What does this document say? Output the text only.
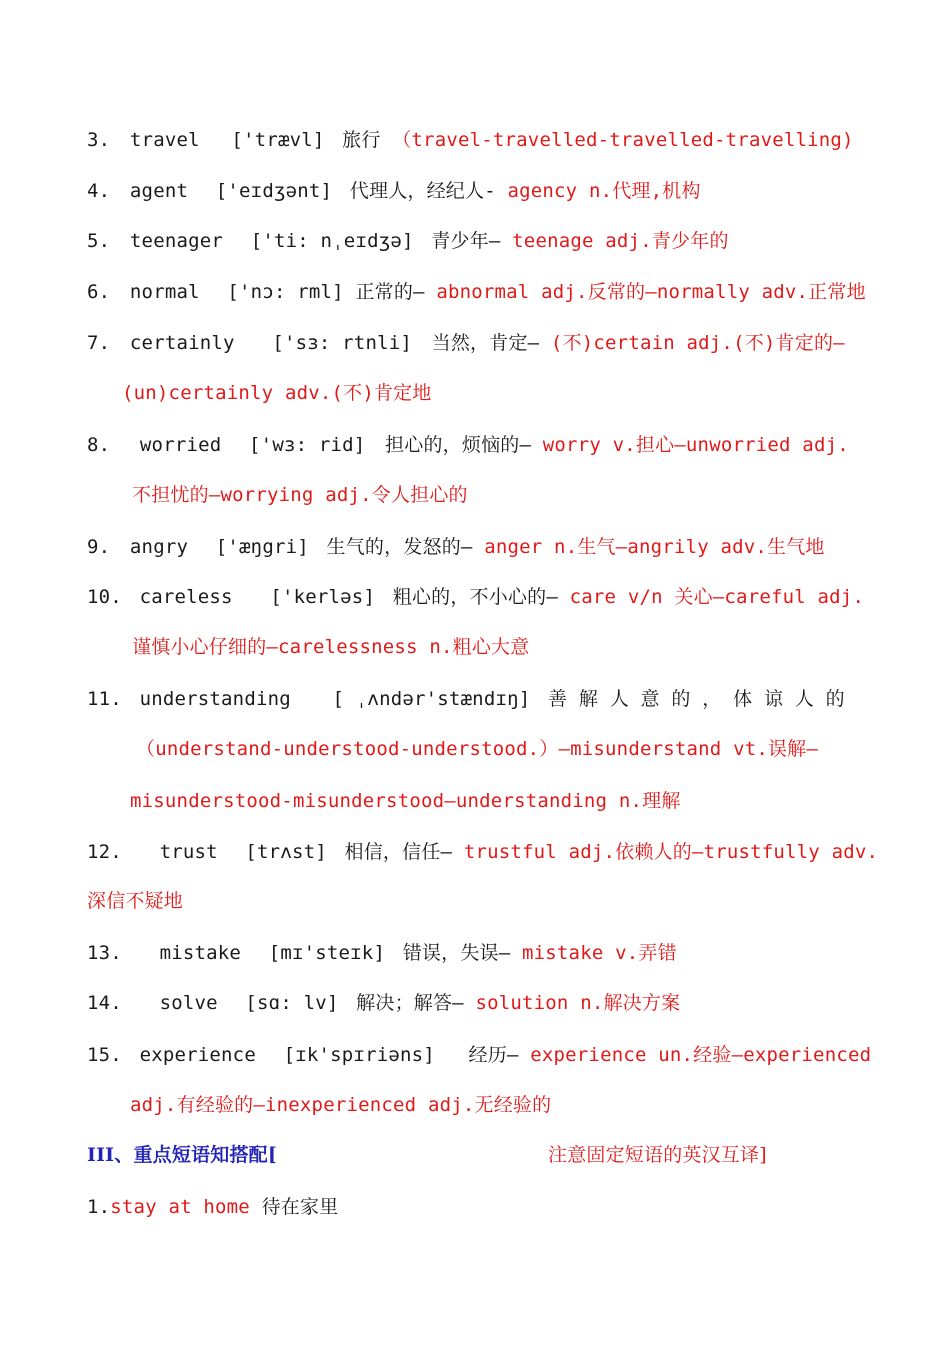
3. travel ['trævl] 旅行 （travel-travelled-travelled-travelling)
4. agent ['eɪdʒənt] 代理人，经纪人- agency n.代理,机构
5. teenager ['ti: nˌeɪdʒə] 青少年— teenage adj.青少年的
6. normal ['nɔ: rml] 正常的— abnormal adj.反常的—normally adv.正常地
7. certainly ['sɜ: rtnli] 当然，肯定— (不)certain adj.(不)肯定的—
(un)certainly adv.(不)肯定地
8. worried ['wɜ: rid] 担心的，烦恼的— worry v.担心—unworried adj.
不担忧的—worrying adj.令人担心的
9. angry ['æŋgri] 生气的，发怒的— anger n.生气—angrily adv.生气地
10. careless ['kerləs] 粗心的，不小心的— care v/n 关心—careful adj.
谨慎小心仔细的—carelessness n.粗心大意
11. understanding [ ˌʌndər'stændɪŋ] 善 解 人 意 的 ， 体 谅 人 的
（understand-understood-understood.）—misunderstand vt.误解—
misunderstood-misunderstood—understanding n.理解
12. trust [trʌst] 相信，信任— trustful adj.依赖人的—trustfully adv.
深信不疑地
13. mistake [mɪ'steɪk] 错误，失误— mistake v.弄错
14. solve [sɑ: lv] 解决；解答— solution n.解决方案
15. experience [ɪk'spɪriəns] 经历— experience un.经验—experienced
adj.有经验的—inexperienced adj.无经验的
III、重点短语知搭配[	注意固定短语的英汉互译]
1.stay at home 待在家里
